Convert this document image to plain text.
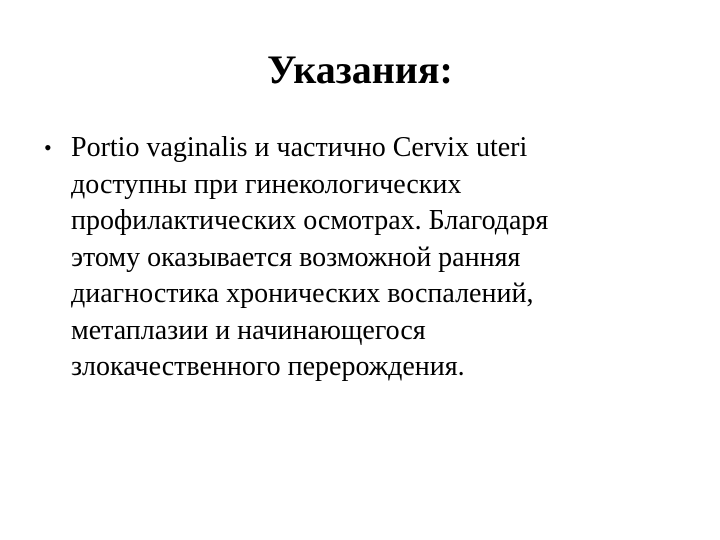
Указания:
• Portio vaginalis и частично Cervix uteri
доступны при гинекологических
профилактических осмотрах. Благодаря
этому оказывается возможной ранняя
диагностика хронических воспалений,
метаплазии и начинающегося
злокачественного перерождения.
